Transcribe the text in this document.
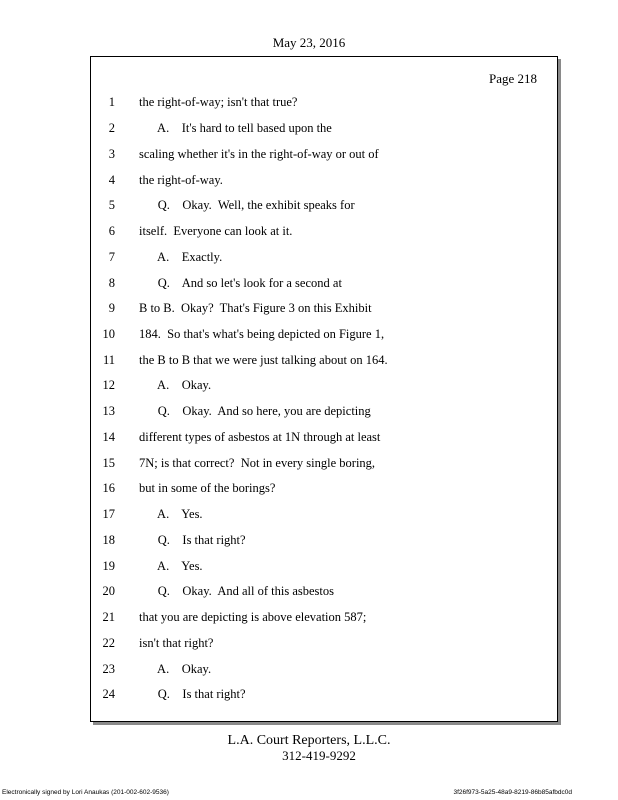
May 23, 2016
Page 218
1 the right-of-way; isn't that true?
2 A.    It's hard to tell based upon the
3 scaling whether it's in the right-of-way or out of
4 the right-of-way.
5 Q.    Okay.  Well, the exhibit speaks for
6 itself.  Everyone can look at it.
7 A.    Exactly.
8 Q.    And so let's look for a second at
9 B to B.  Okay?  That's Figure 3 on this Exhibit
10 184.  So that's what's being depicted on Figure 1,
11 the B to B that we were just talking about on 164.
12 A.    Okay.
13 Q.    Okay.  And so here, you are depicting
14 different types of asbestos at 1N through at least
15 7N; is that correct?  Not in every single boring,
16 but in some of the borings?
17 A.    Yes.
18 Q.    Is that right?
19 A.    Yes.
20 Q.    Okay.  And all of this asbestos
21 that you are depicting is above elevation 587;
22 isn't that right?
23 A.    Okay.
24 Q.    Is that right?
L.A. Court Reporters, L.L.C.
312-419-9292
Electronically signed by Lori Anaukas (201-002-602-9536)	3f26f973-5a25-48a9-8219-86b85afbdc0d
